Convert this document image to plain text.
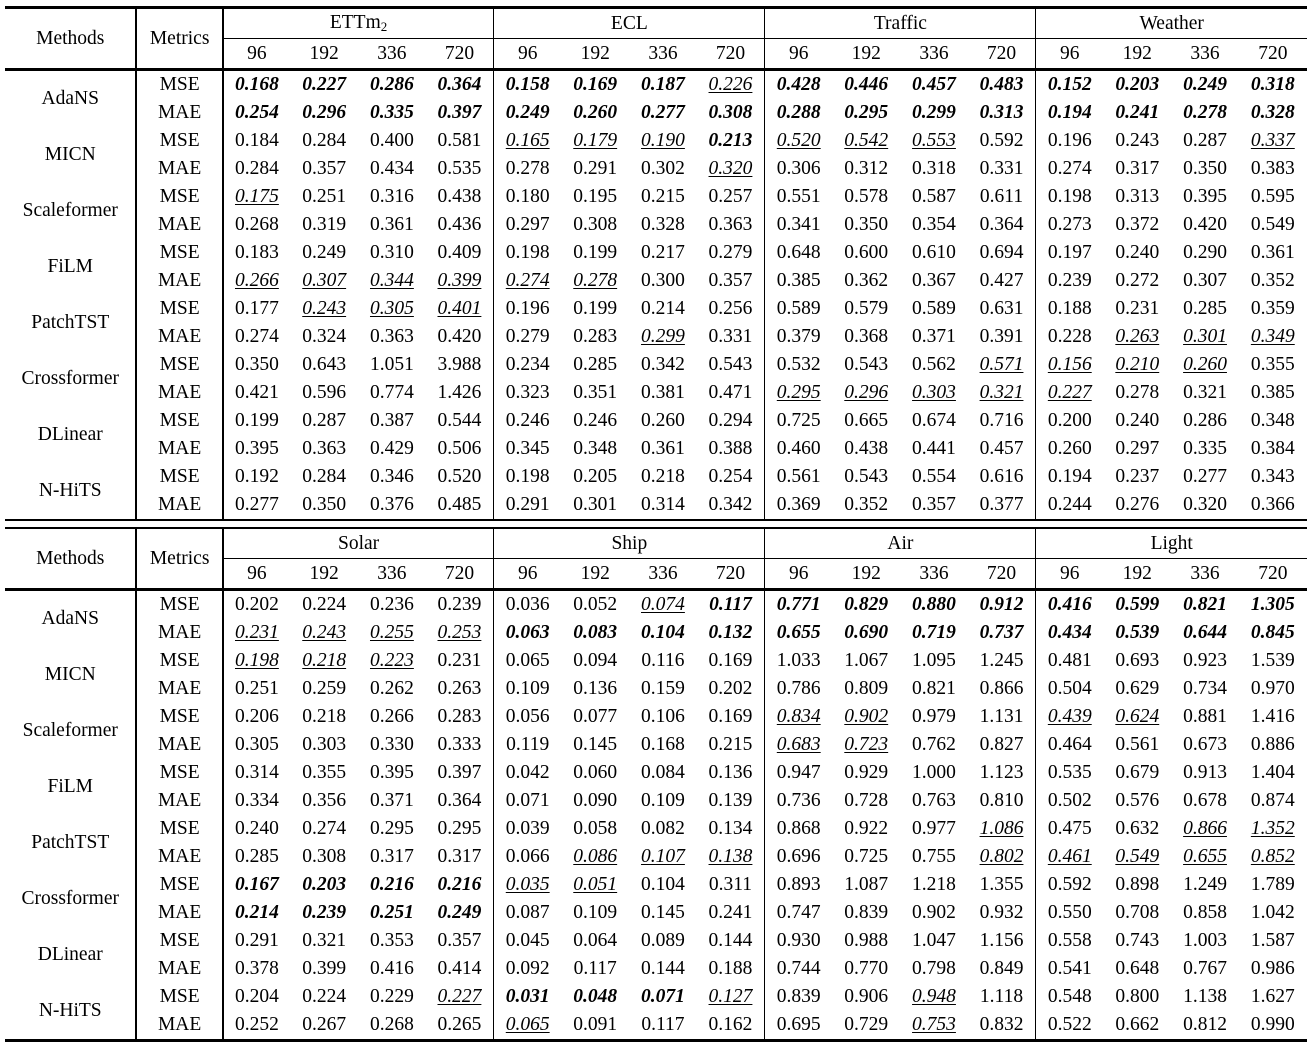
Methods	Metrics	ETTm$_2$				ECL				Traffic				Weather			
		96	192	336	720	96	192	336	720	96	192	336	720	96	192	336	720
AdaNS	MSE	0.168	0.227	0.286	0.364	0.158	0.169	0.187	0.226	0.428	0.446	0.457	0.483	0.152	0.203	0.249	0.318
	MAE	0.254	0.296	0.335	0.397	0.249	0.260	0.277	0.308	0.288	0.295	0.299	0.313	0.194	0.241	0.278	0.328
MICN	MSE	0.184	0.284	0.400	0.581	0.165	0.179	0.190	0.213	0.520	0.542	0.553	0.592	0.196	0.243	0.287	0.337
	MAE	0.284	0.357	0.434	0.535	0.278	0.291	0.302	0.320	0.306	0.312	0.318	0.331	0.274	0.317	0.350	0.383
Scaleformer	MSE	0.175	0.251	0.316	0.438	0.180	0.195	0.215	0.257	0.551	0.578	0.587	0.611	0.198	0.313	0.395	0.595
	MAE	0.268	0.319	0.361	0.436	0.297	0.308	0.328	0.363	0.341	0.350	0.354	0.364	0.273	0.372	0.420	0.549
FiLM	MSE	0.183	0.249	0.310	0.409	0.198	0.199	0.217	0.279	0.648	0.600	0.610	0.694	0.197	0.240	0.290	0.361
	MAE	0.266	0.307	0.344	0.399	0.274	0.278	0.300	0.357	0.385	0.362	0.367	0.427	0.239	0.272	0.307	0.352
PatchTST	MSE	0.177	0.243	0.305	0.401	0.196	0.199	0.214	0.256	0.589	0.579	0.589	0.631	0.188	0.231	0.285	0.359
	MAE	0.274	0.324	0.363	0.420	0.279	0.283	0.299	0.331	0.379	0.368	0.371	0.391	0.228	0.263	0.301	0.349
Crossformer	MSE	0.350	0.643	1.051	3.988	0.234	0.285	0.342	0.543	0.532	0.543	0.562	0.571	0.156	0.210	0.260	0.355
	MAE	0.421	0.596	0.774	1.426	0.323	0.351	0.381	0.471	0.295	0.296	0.303	0.321	0.227	0.278	0.321	0.385
DLinear	MSE	0.199	0.287	0.387	0.544	0.246	0.246	0.260	0.294	0.725	0.665	0.674	0.716	0.200	0.240	0.286	0.348
	MAE	0.395	0.363	0.429	0.506	0.345	0.348	0.361	0.388	0.460	0.438	0.441	0.457	0.260	0.297	0.335	0.384
N-HiTS	MSE	0.192	0.284	0.346	0.520	0.198	0.205	0.218	0.254	0.561	0.543	0.554	0.616	0.194	0.237	0.277	0.343
	MAE	0.277	0.350	0.376	0.485	0.291	0.301	0.314	0.342	0.369	0.352	0.357	0.377	0.244	0.276	0.320	0.366

Methods	Metrics	Solar				Ship				Air				Light			
		96	192	336	720	96	192	336	720	96	192	336	720	96	192	336	720
AdaNS	MSE	0.202	0.224	0.236	0.239	0.036	0.052	0.074	0.117	0.771	0.829	0.880	0.912	0.416	0.599	0.821	1.305
	MAE	0.231	0.243	0.255	0.253	0.063	0.083	0.104	0.132	0.655	0.690	0.719	0.737	0.434	0.539	0.644	0.845
MICN	MSE	0.198	0.218	0.223	0.231	0.065	0.094	0.116	0.169	1.033	1.067	1.095	1.245	0.481	0.693	0.923	1.539
	MAE	0.251	0.259	0.262	0.263	0.109	0.136	0.159	0.202	0.786	0.809	0.821	0.866	0.504	0.629	0.734	0.970
Scaleformer	MSE	0.206	0.218	0.266	0.283	0.056	0.077	0.106	0.169	0.834	0.902	0.979	1.131	0.439	0.624	0.881	1.416
	MAE	0.305	0.303	0.330	0.333	0.119	0.145	0.168	0.215	0.683	0.723	0.762	0.827	0.464	0.561	0.673	0.886
FiLM	MSE	0.314	0.355	0.395	0.397	0.042	0.060	0.084	0.136	0.947	0.929	1.000	1.123	0.535	0.679	0.913	1.404
	MAE	0.334	0.356	0.371	0.364	0.071	0.090	0.109	0.139	0.736	0.728	0.763	0.810	0.502	0.576	0.678	0.874
PatchTST	MSE	0.240	0.274	0.295	0.295	0.039	0.058	0.082	0.134	0.868	0.922	0.977	1.086	0.475	0.632	0.866	1.352
	MAE	0.285	0.308	0.317	0.317	0.066	0.086	0.107	0.138	0.696	0.725	0.755	0.802	0.461	0.549	0.655	0.852
Crossformer	MSE	0.167	0.203	0.216	0.216	0.035	0.051	0.104	0.311	0.893	1.087	1.218	1.355	0.592	0.898	1.249	1.789
	MAE	0.214	0.239	0.251	0.249	0.087	0.109	0.145	0.241	0.747	0.839	0.902	0.932	0.550	0.708	0.858	1.042
DLinear	MSE	0.291	0.321	0.353	0.357	0.045	0.064	0.089	0.144	0.930	0.988	1.047	1.156	0.558	0.743	1.003	1.587
	MAE	0.378	0.399	0.416	0.414	0.092	0.117	0.144	0.188	0.744	0.770	0.798	0.849	0.541	0.648	0.767	0.986
N-HiTS	MSE	0.204	0.224	0.229	0.227	0.031	0.048	0.071	0.127	0.839	0.906	0.948	1.118	0.548	0.800	1.138	1.627
	MAE	0.252	0.267	0.268	0.265	0.065	0.091	0.117	0.162	0.695	0.729	0.753	0.832	0.522	0.662	0.812	0.990
